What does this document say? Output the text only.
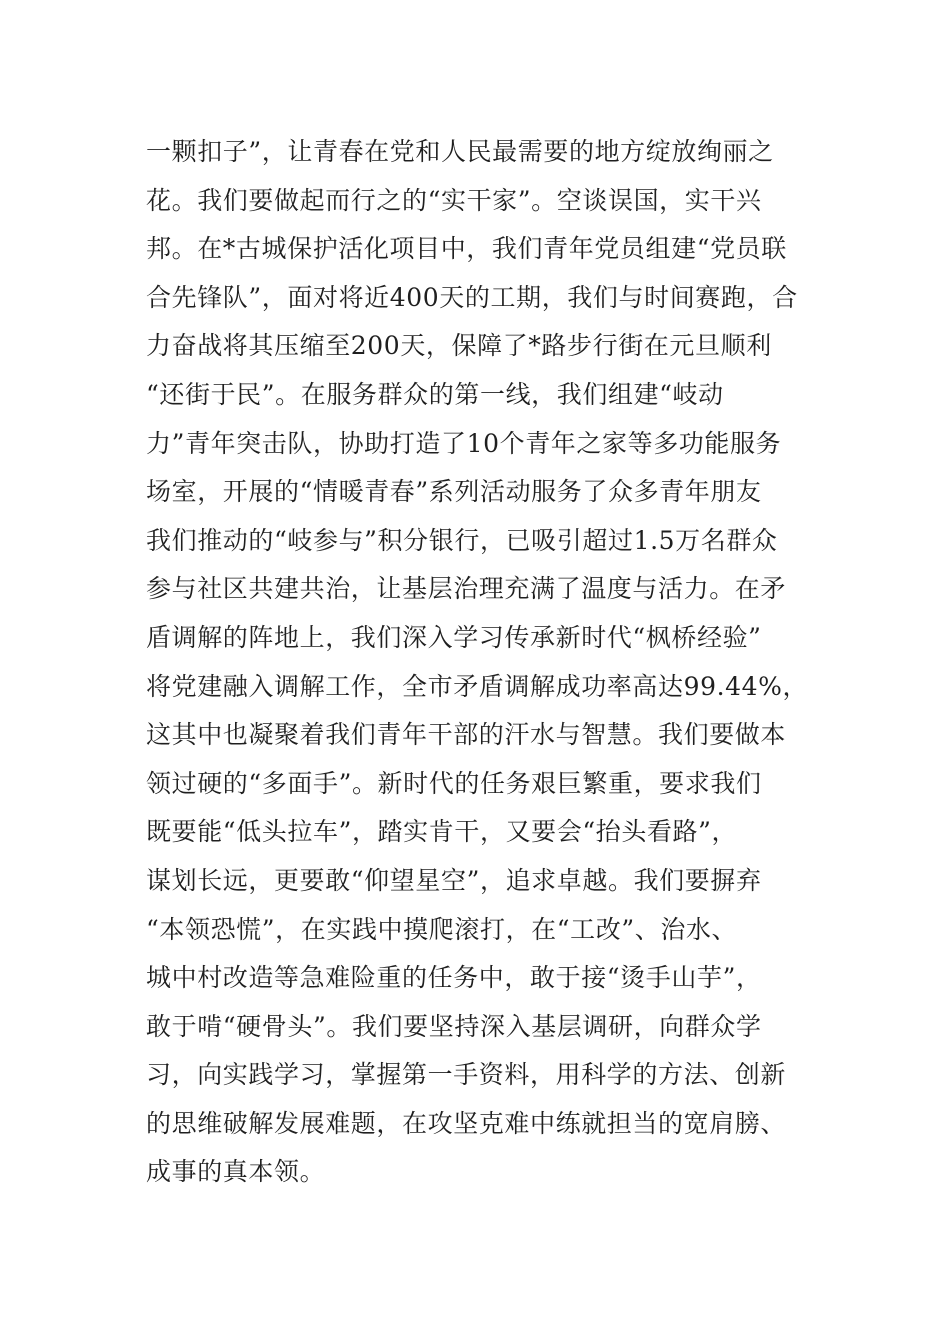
一颗扣子”，让青春在党和人民最需要的地方绽放绚丽之
花。我们要做起而行之的“实干家”。空谈误国，实干兴
邦。在*古城保护活化项目中，我们青年党员组建“党员联
合先锋队”，面对将近400天的工期，我们与时间赛跑，合
力奋战将其压缩至200天，保障了*路步行街在元旦顺利
“还街于民”。在服务群众的第一线，我们组建“岐动
力”青年突击队，协助打造了10个青年之家等多功能服务
场室，开展的“情暖青春”系列活动服务了众多青年朋友
我们推动的“岐参与”积分银行，已吸引超过1.5万名群众
参与社区共建共治，让基层治理充满了温度与活力。在矛
盾调解的阵地上，我们深入学习传承新时代“枫桥经验”
将党建融入调解工作，全市矛盾调解成功率高达99.44%，
这其中也凝聚着我们青年干部的汗水与智慧。我们要做本
领过硬的“多面手”。新时代的任务艰巨繁重，要求我们
既要能“低头拉车”，踏实肯干，又要会“抬头看路”，
谋划长远，更要敢“仰望星空”，追求卓越。我们要摒弃
“本领恐慌”，在实践中摸爬滚打，在“工改”、治水、
城中村改造等急难险重的任务中，敢于接“烫手山芋”，
敢于啃“硬骨头”。我们要坚持深入基层调研，向群众学
习，向实践学习，掌握第一手资料，用科学的方法、创新
的思维破解发展难题，在攻坚克难中练就担当的宽肩膀、
成事的真本领。
